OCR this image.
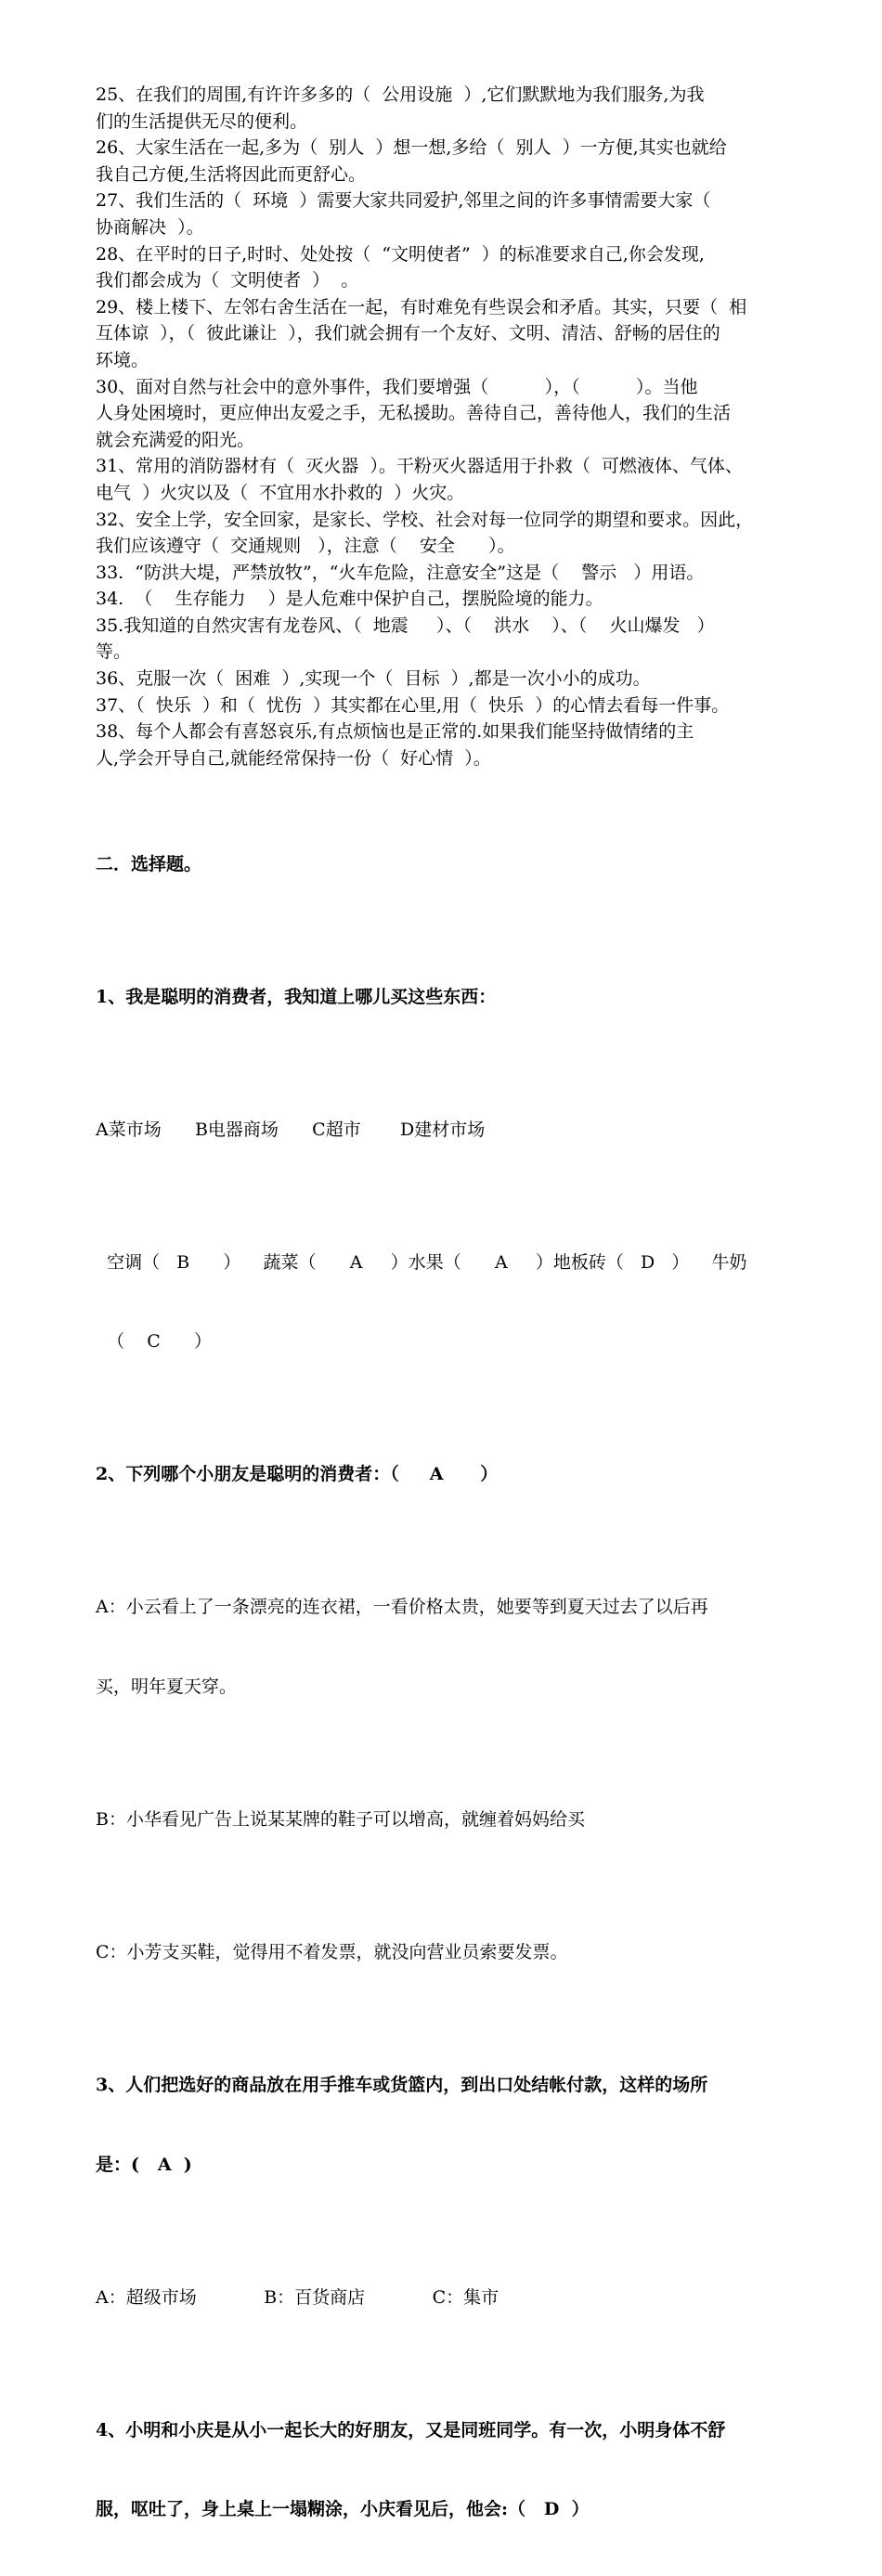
25、在我们的周围,有许许多多的（  公用设施  ）,它们默默地为我们服务,为我
们的生活提供无尽的便利。

26、大家生活在一起,多为（  别人  ）想一想,多给（  别人  ）一方便,其实也就给
我自己方便,生活将因此而更舒心。

27、我们生活的（  环境  ）需要大家共同爱护,邻里之间的许多事情需要大家（
协商解决  ）。

28、在平时的日子,时时、处处按（  “文明使者”  ）的标准要求自己,你会发现,
我们都会成为（  文明使者  ）  。

29、楼上楼下、左邻右舍生活在一起，有时难免有些误会和矛盾。其实，只要（  相
互体谅  ），（  彼此谦让  ），我们就会拥有一个友好、文明、清洁、舒畅的居住的
环境。

30、面对自然与社会中的意外事件，我们要增强（          ），（          ）。当他
人身处困境时，更应伸出友爱之手，无私援助。善待自己，善待他人，我们的生活
就会充满爱的阳光。

31、常用的消防器材有（  灭火器  ）。干粉灭火器适用于扑救（  可燃液体、气体、
电气  ）火灾以及（  不宜用水扑救的  ）火灾。

32、安全上学，安全回家，是家长、学校、社会对每一位同学的期望和要求。因此，
我们应该遵守（  交通规则   ），注意（    安全      ）。

33.  “防洪大堤，严禁放牧”，“火车危险，注意安全”这是（    警示   ）用语。

34.  （    生存能力    ）是人危难中保护自己，摆脱险境的能力。

35.我知道的自然灾害有龙卷风、（  地震     ）、（    洪水    ）、（    火山爆发   ）
等。

36、克服一次（  困难  ）,实现一个（  目标  ）,都是一次小小的成功。

37、（  快乐  ）和（  忧伤  ）其实都在心里,用（  快乐  ）的心情去看每一件事。

38、每个人都会有喜怒哀乐,有点烦恼也是正常的.如果我们能坚持做情绪的主
人,学会开导自己,就能经常保持一份（  好心情  ）。

二．选择题。

1、我是聪明的消费者，我知道上哪儿买这些东西：

A菜市场      B电器商场      C超市       D建材市场

空调（   B      ）    蔬菜（      A     ）水果（      A     ）地板砖（   D   ）    牛奶

（    C      ）

2、下列哪个小朋友是聪明的消费者：（     A      ）

A：小云看上了一条漂亮的连衣裙，一看价格太贵，她要等到夏天过去了以后再

买，明年夏天穿。

B：小华看见广告上说某某牌的鞋子可以增高，就缠着妈妈给买

C：小芳支买鞋，觉得用不着发票，就没向营业员索要发票。

3、人们把选好的商品放在用手推车或货篮内，到出口处结帐付款，这样的场所

是：(   A  )

A：超级市场            B：百货商店            C：集市

4、小明和小庆是从小一起长大的好朋友，又是同班同学。有一次，小明身体不舒

服，呕吐了，身上桌上一塌糊涂，小庆看见后，他会:（   D  ）
